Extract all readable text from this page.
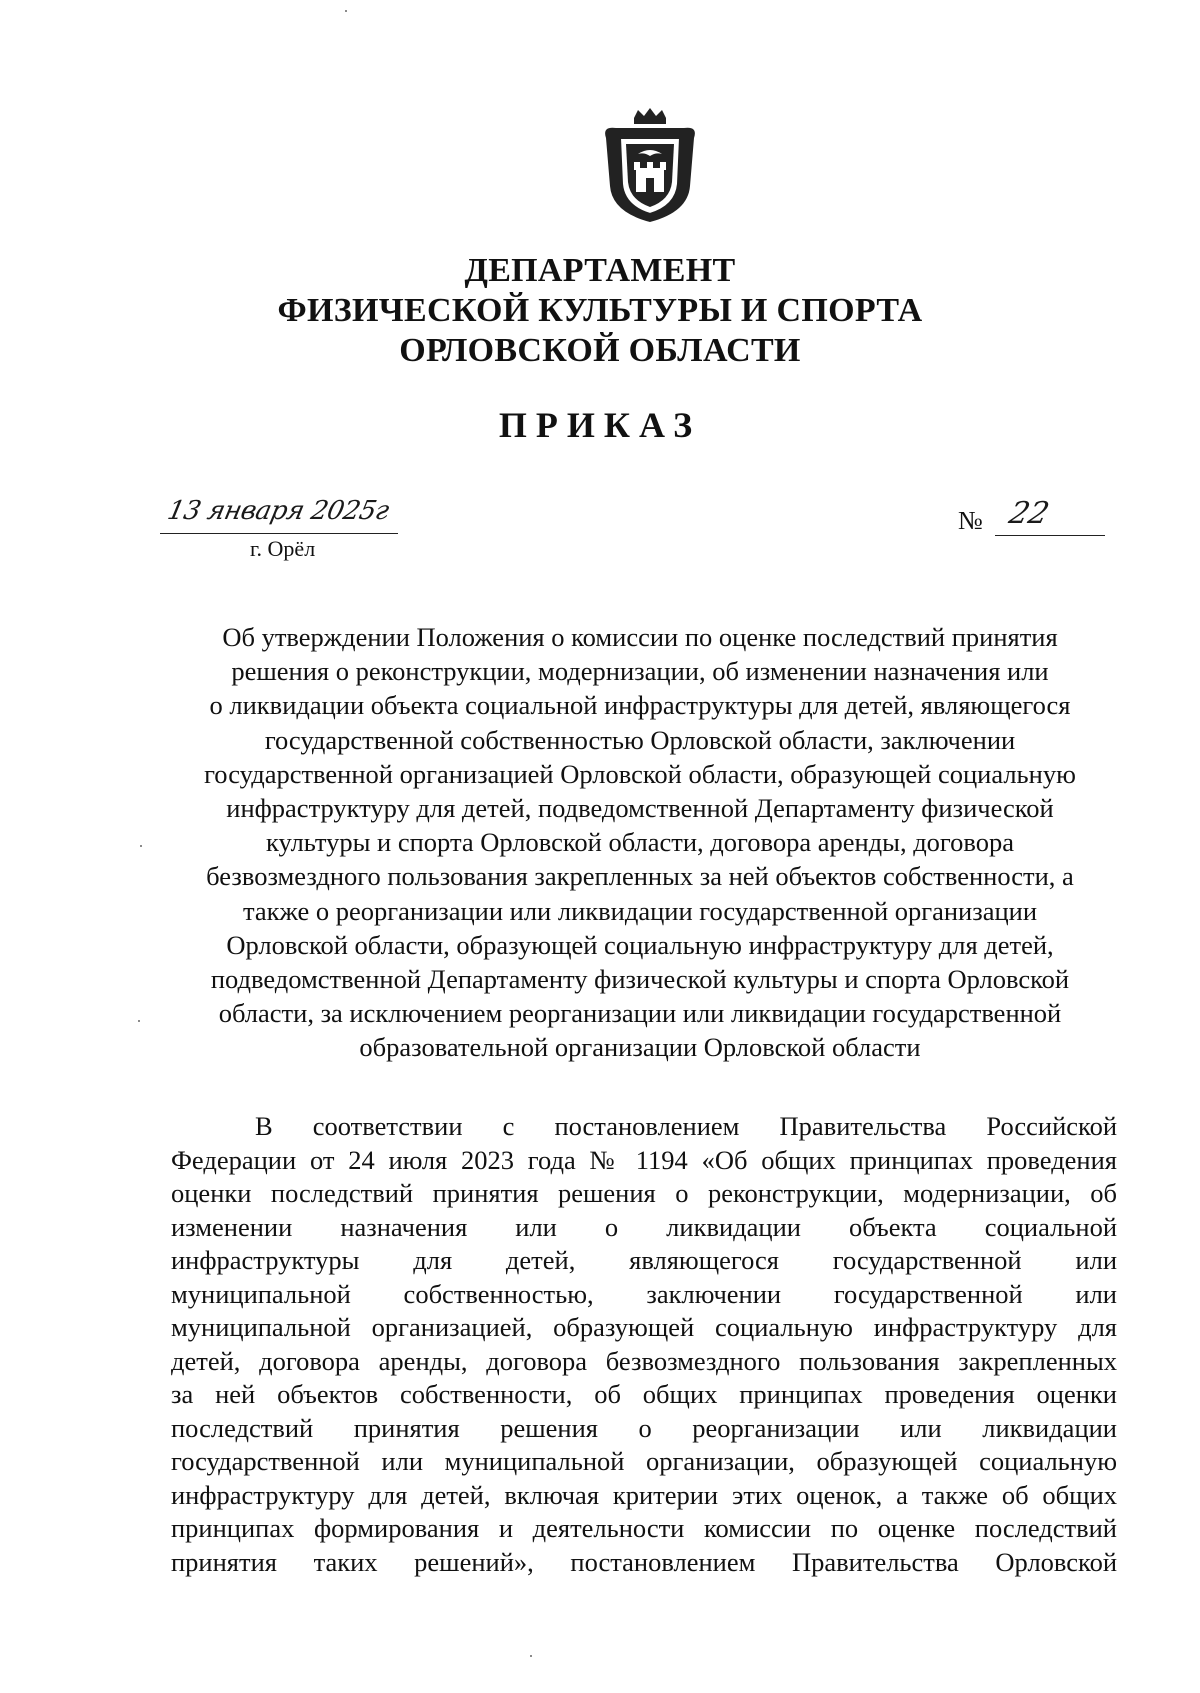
ДЕПАРТАМЕНТ
ФИЗИЧЕСКОЙ КУЛЬТУРЫ И СПОРТА
ОРЛОВСКОЙ ОБЛАСТИ
ПРИКАЗ
13 января 2025г
г. Орёл
№ 22
Об утверждении Положения о комиссии по оценке последствий принятия
решения о реконструкции, модернизации, об изменении назначения или
о ликвидации объекта социальной инфраструктуры для детей, являющегося
государственной собственностью Орловской области, заключении
государственной организацией Орловской области, образующей социальную
инфраструктуру для детей, подведомственной Департаменту физической
культуры и спорта Орловской области, договора аренды, договора
безвозмездного пользования закрепленных за ней объектов собственности, а
также о реорганизации или ликвидации государственной организации
Орловской области, образующей социальную инфраструктуру для детей,
подведомственной Департаменту физической культуры и спорта Орловской
области, за исключением реорганизации или ликвидации государственной
образовательной организации Орловской области
В соответствии с постановлением Правительства Российской
Федерации от 24 июля 2023 года № 1194 «Об общих принципах проведения
оценки последствий принятия решения о реконструкции, модернизации, об
изменении назначения или о ликвидации объекта социальной
инфраструктуры для детей, являющегося государственной или
муниципальной собственностью, заключении государственной или
муниципальной организацией, образующей социальную инфраструктуру для
детей, договора аренды, договора безвозмездного пользования закрепленных
за ней объектов собственности, об общих принципах проведения оценки
последствий принятия решения о реорганизации или ликвидации
государственной или муниципальной организации, образующей социальную
инфраструктуру для детей, включая критерии этих оценок, а также об общих
принципах формирования и деятельности комиссии по оценке последствий
принятия таких решений», постановлением Правительства Орловской
